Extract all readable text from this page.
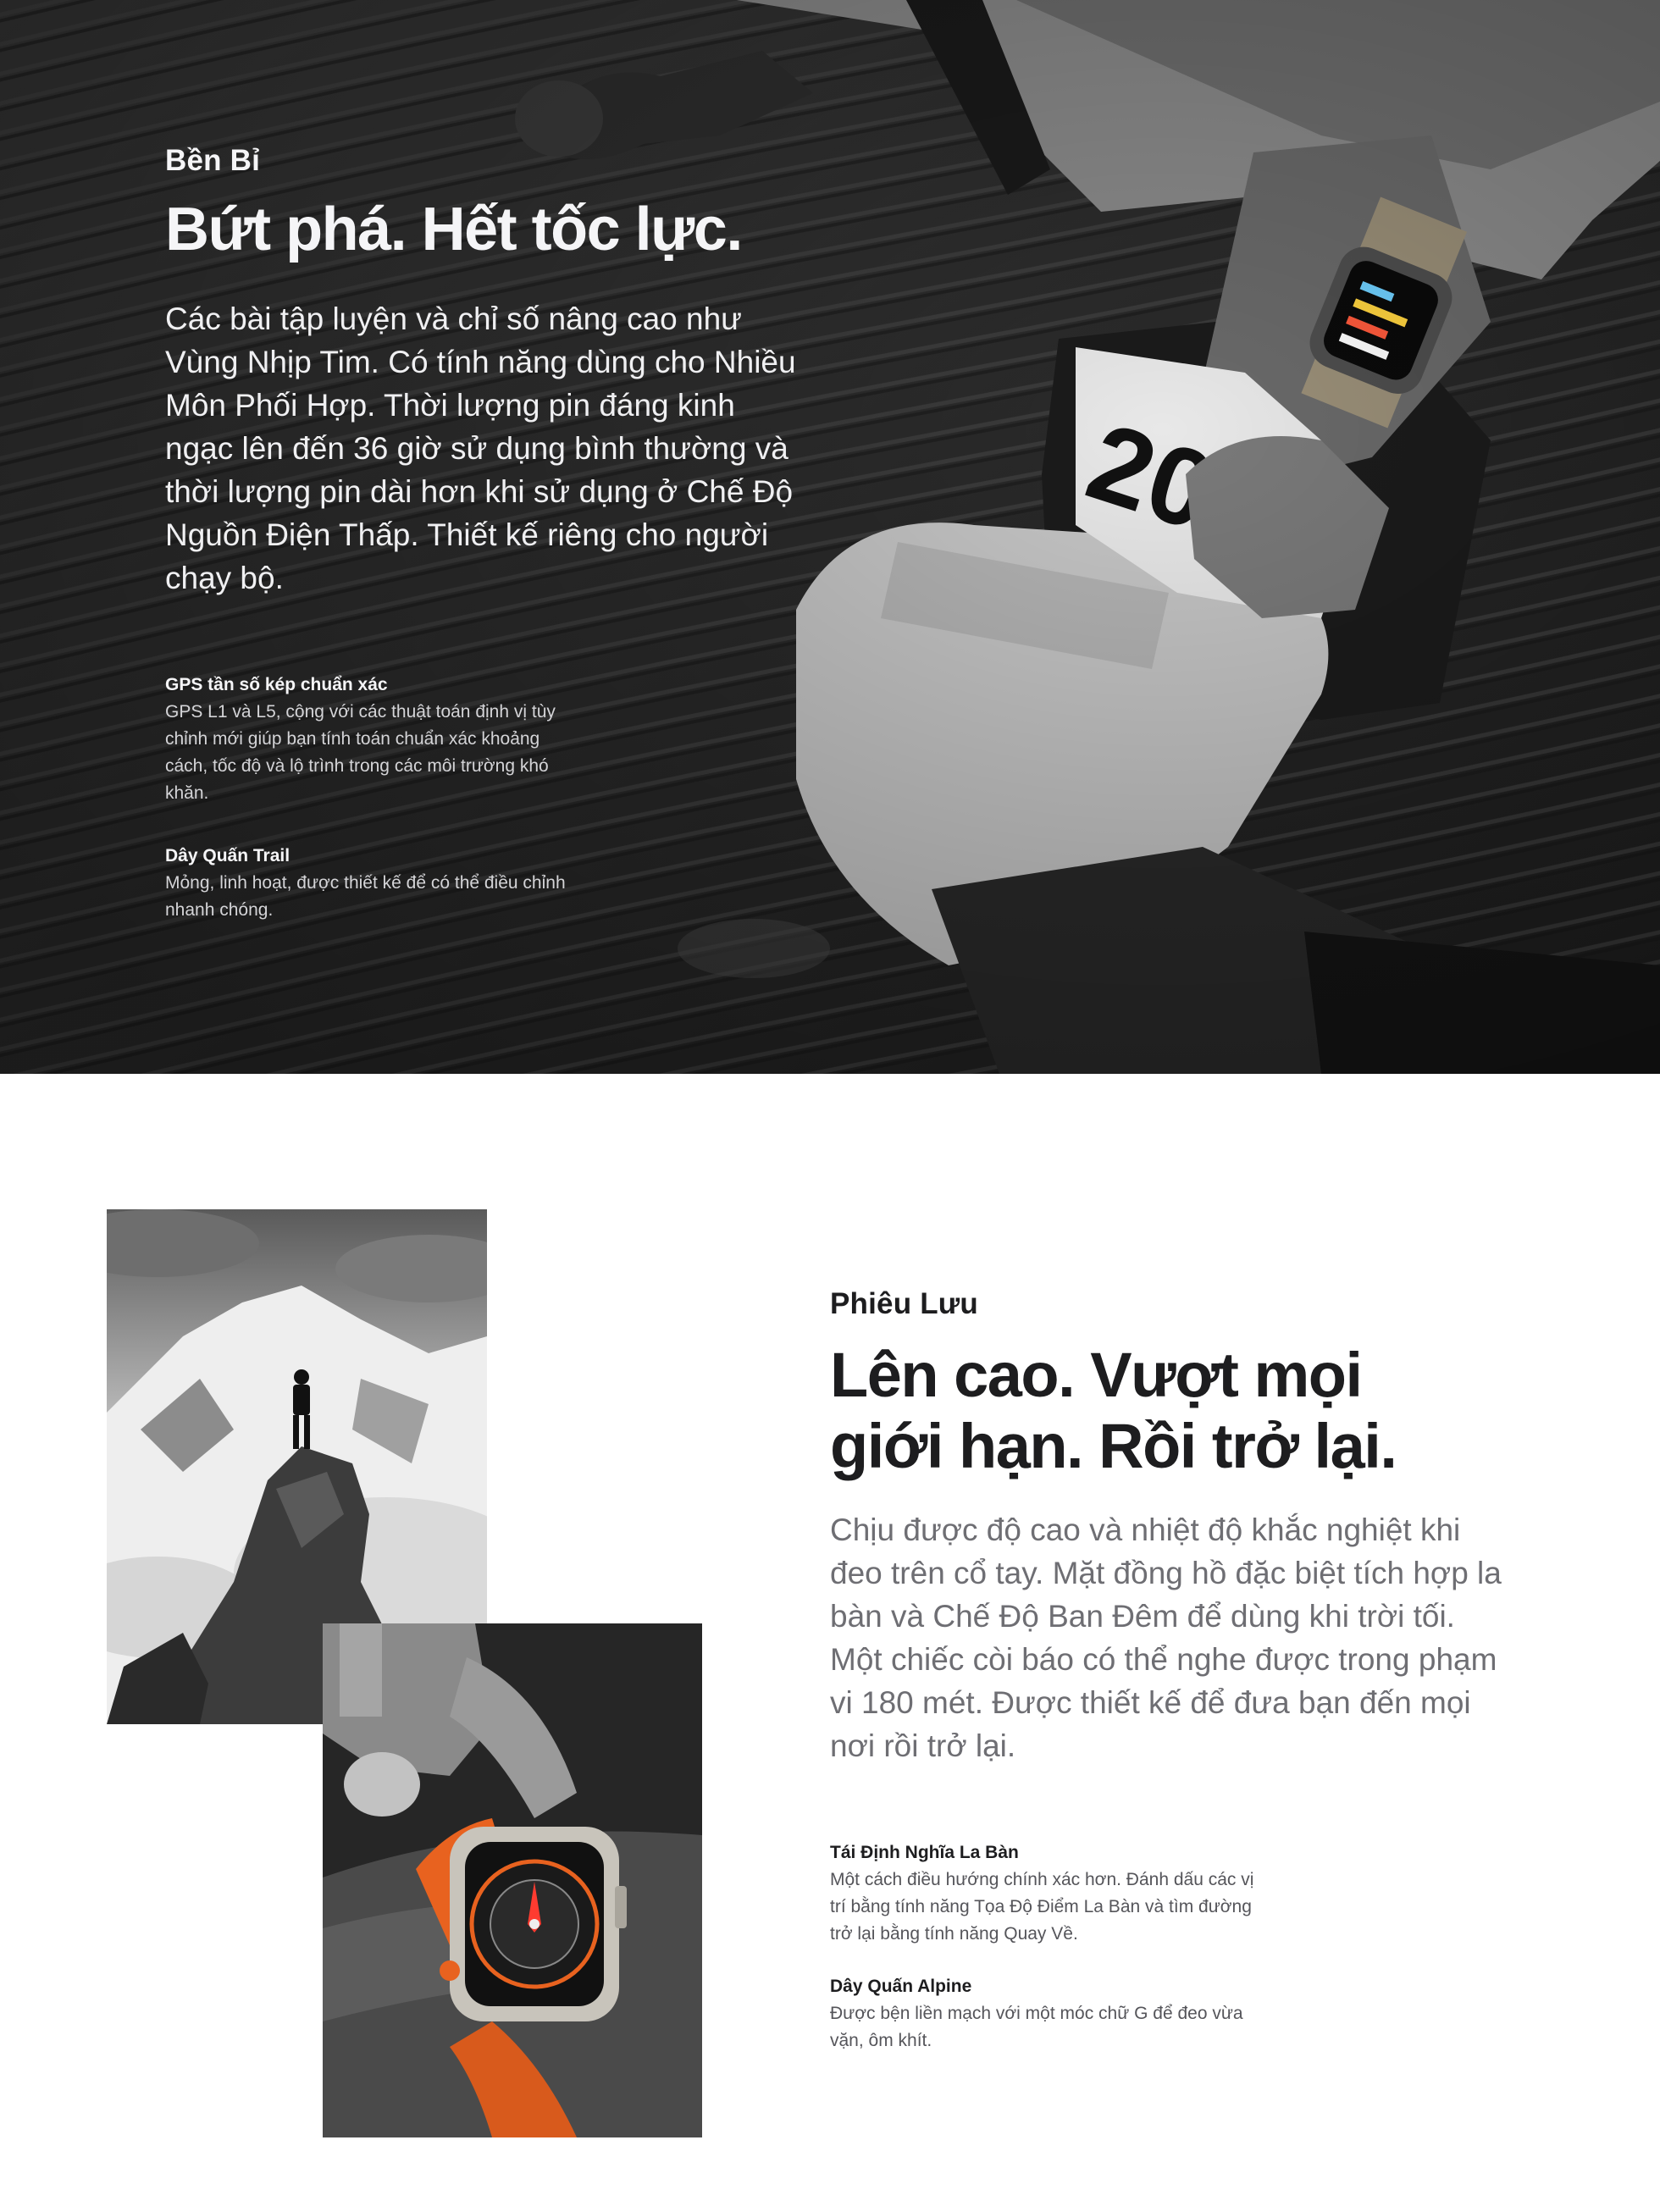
Bền Bỉ

Bứt phá. Hết tốc lực.

Các bài tập luyện và chỉ số nâng cao như Vùng Nhịp Tim. Có tính năng dùng cho Nhiều Môn Phối Hợp. Thời lượng pin đáng kinh ngạc lên đến 36 giờ sử dụng bình thường và thời lượng pin dài hơn khi sử dụng ở Chế Độ Nguồn Điện Thấp. Thiết kế riêng cho người chạy bộ.

GPS tần số kép chuẩn xác
GPS L1 và L5, cộng với các thuật toán định vị tùy chỉnh mới giúp bạn tính toán chuẩn xác khoảng cách, tốc độ và lộ trình trong các môi trường khó khăn.
Dây Quấn Trail
Mỏng, linh hoạt, được thiết kế để có thể điều chỉnh nhanh chóng.

Phiêu Lưu

Lên cao. Vượt mọi
giới hạn. Rồi trở lại.

Chịu được độ cao và nhiệt độ khắc nghiệt khi đeo trên cổ tay. Mặt đồng hồ đặc biệt tích hợp la bàn và Chế Độ Ban Đêm để dùng khi trời tối. Một chiếc còi báo có thể nghe được trong phạm vi 180 mét. Được thiết kế để đưa bạn đến mọi nơi rồi trở lại.

Tái Định Nghĩa La Bàn
Một cách điều hướng chính xác hơn. Đánh dấu các vị trí bằng tính năng Tọa Độ Điểm La Bàn và tìm đường trở lại bằng tính năng Quay Về.
Dây Quấn Alpine
Được bện liền mạch với một móc chữ G để đeo vừa vặn, ôm khít.
